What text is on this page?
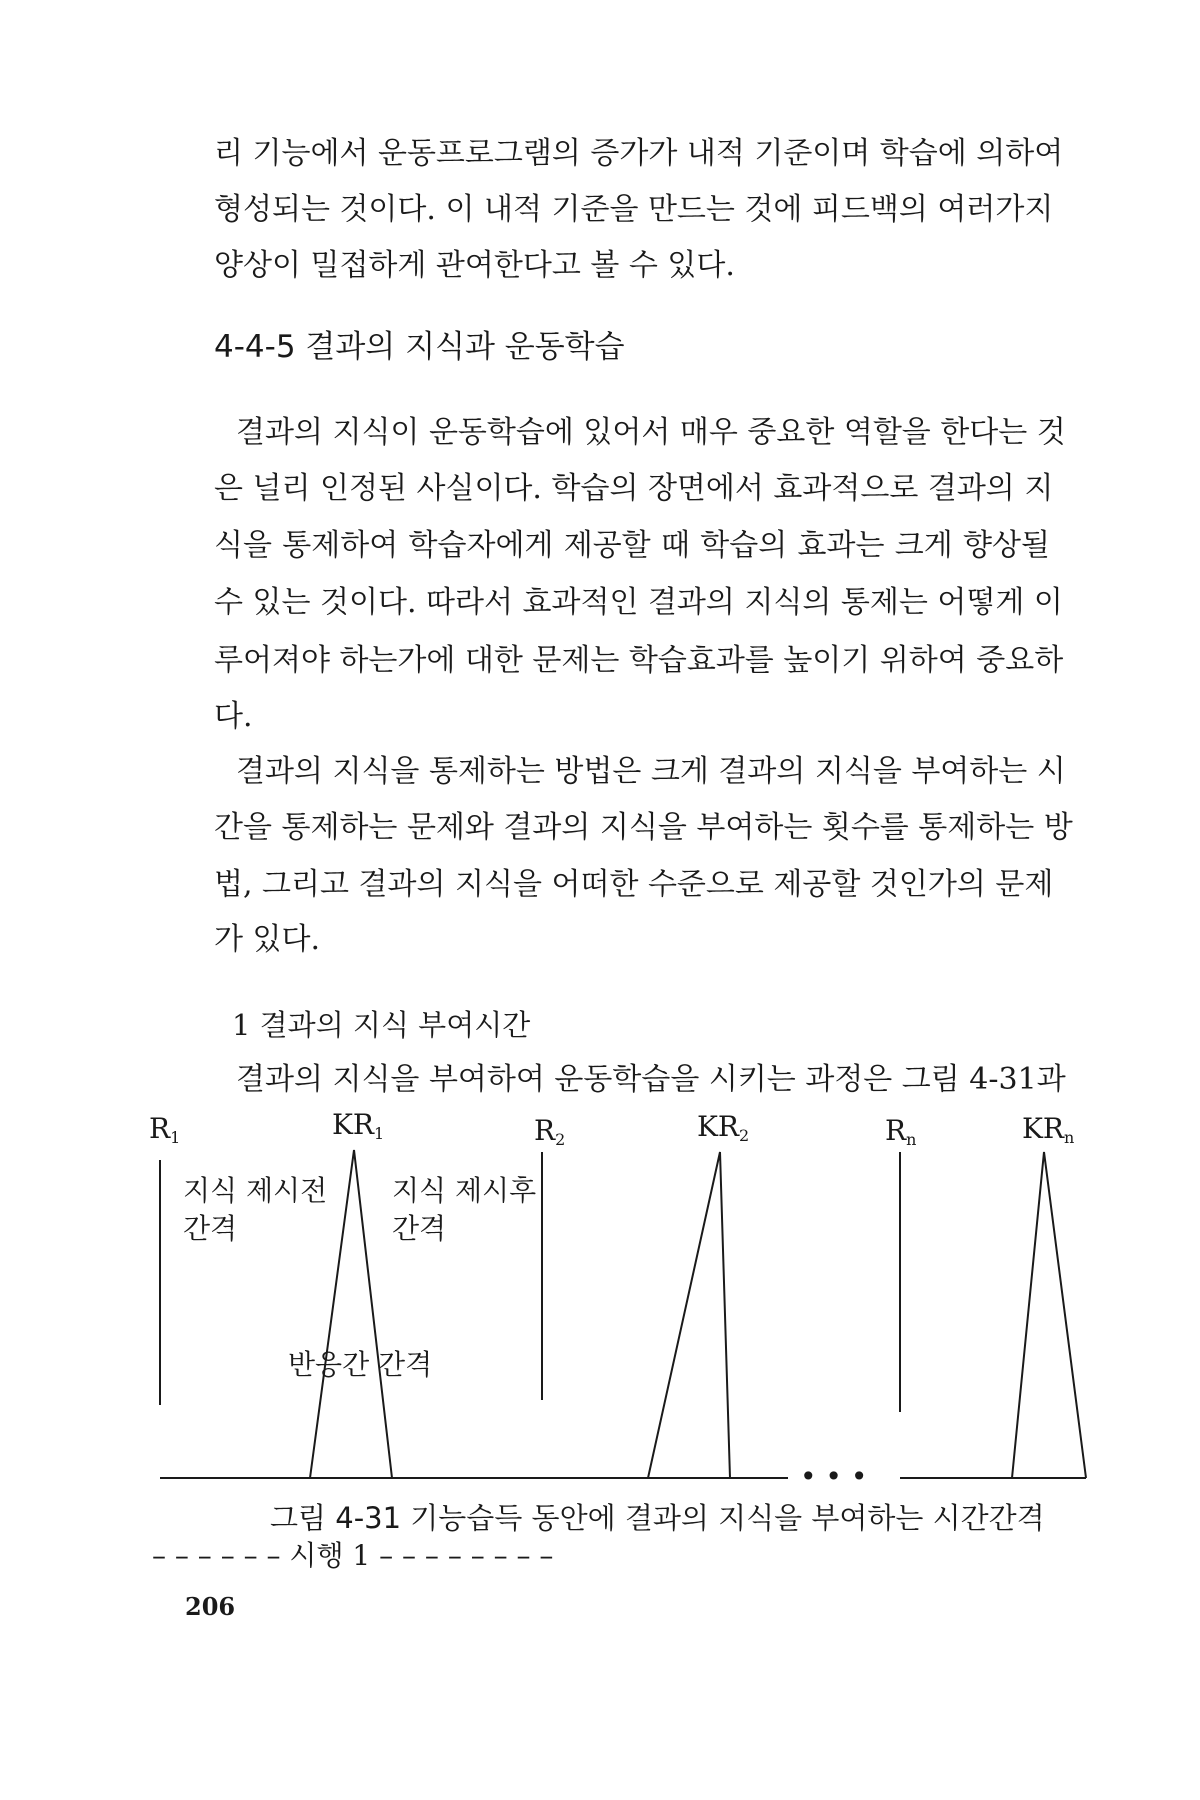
리 기능에서 운동프로그램의 증가가 내적 기준이며 학습에 의하여
형성되는 것이다. 이 내적 기준을 만드는 것에 피드백의 여러가지
양상이 밀접하게 관여한다고 볼 수 있다.
4-4-5 결과의 지식과 운동학습
결과의 지식이 운동학습에 있어서 매우 중요한 역할을 한다는 것
은 널리 인정된 사실이다. 학습의 장면에서 효과적으로 결과의 지
식을 통제하여 학습자에게 제공할 때 학습의 효과는 크게 향상될
수 있는 것이다. 따라서 효과적인 결과의 지식의 통제는 어떻게 이
루어져야 하는가에 대한 문제는 학습효과를 높이기 위하여 중요하
다.
결과의 지식을 통제하는 방법은 크게 결과의 지식을 부여하는 시
간을 통제하는 문제와 결과의 지식을 부여하는 횟수를 통제하는 방
법, 그리고 결과의 지식을 어떠한 수준으로 제공할 것인가의 문제
가 있다.
1 결과의 지식 부여시간
결과의 지식을 부여하여 운동학습을 시키는 과정은 그림 4-31과
R1	KR1	R2	KR2	Rn	KRn
지식 제시전
간격
지식 제시후
간격
반응간 간격
• • •
– – – – – – 시행 1 – – – – – – – –
그림 4-31 기능습득 동안에 결과의 지식을 부여하는 시간간격
206
